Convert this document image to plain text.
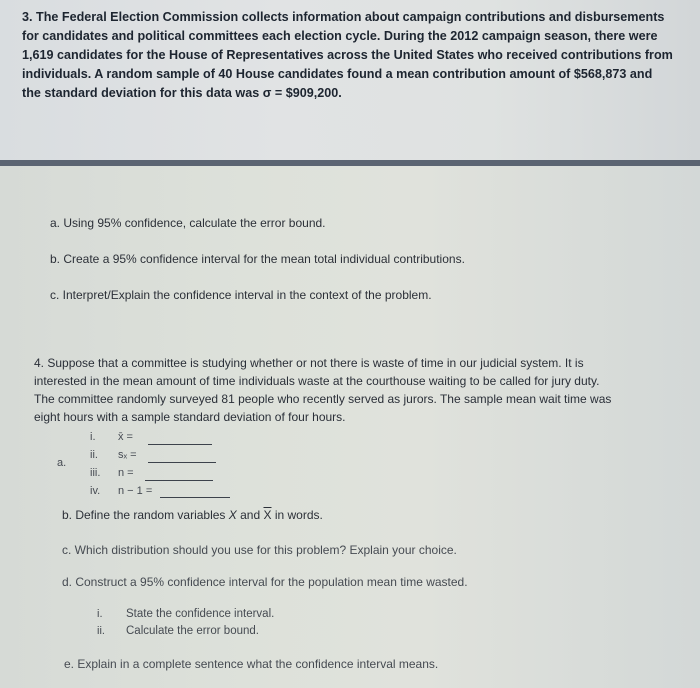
3. The Federal Election Commission collects information about campaign contributions and disbursements

for candidates and political committees each election cycle. During the 2012 campaign season, there were

1,619 candidates for the House of Representatives across the United States who received contributions from

individuals. A random sample of 40 House candidates found a mean contribution amount of $568,873 and

the standard deviation for this data was σ = $909,200.

a. Using 95% confidence, calculate the error bound.
b. Create a 95% confidence interval for the mean total individual contributions.
c. Interpret/Explain the confidence interval in the context of the problem.

4. Suppose that a committee is studying whether or not there is waste of time in our judicial system. It is

interested in the mean amount of time individuals waste at the courthouse waiting to be called for jury duty.

The committee randomly surveyed 81 people who recently served as jurors. The sample mean wait time was

eight hours with a sample standard deviation of four hours.

a.
i. x̄ =
ii. sₓ =
iii. n =
iv. n − 1 =
b. Define the random variables X and $\overline{X}$ in words.
c. Which distribution should you use for this problem? Explain your choice.
d. Construct a 95% confidence interval for the population mean time wasted.
i. State the confidence interval.
ii. Calculate the error bound.
e. Explain in a complete sentence what the confidence interval means.
